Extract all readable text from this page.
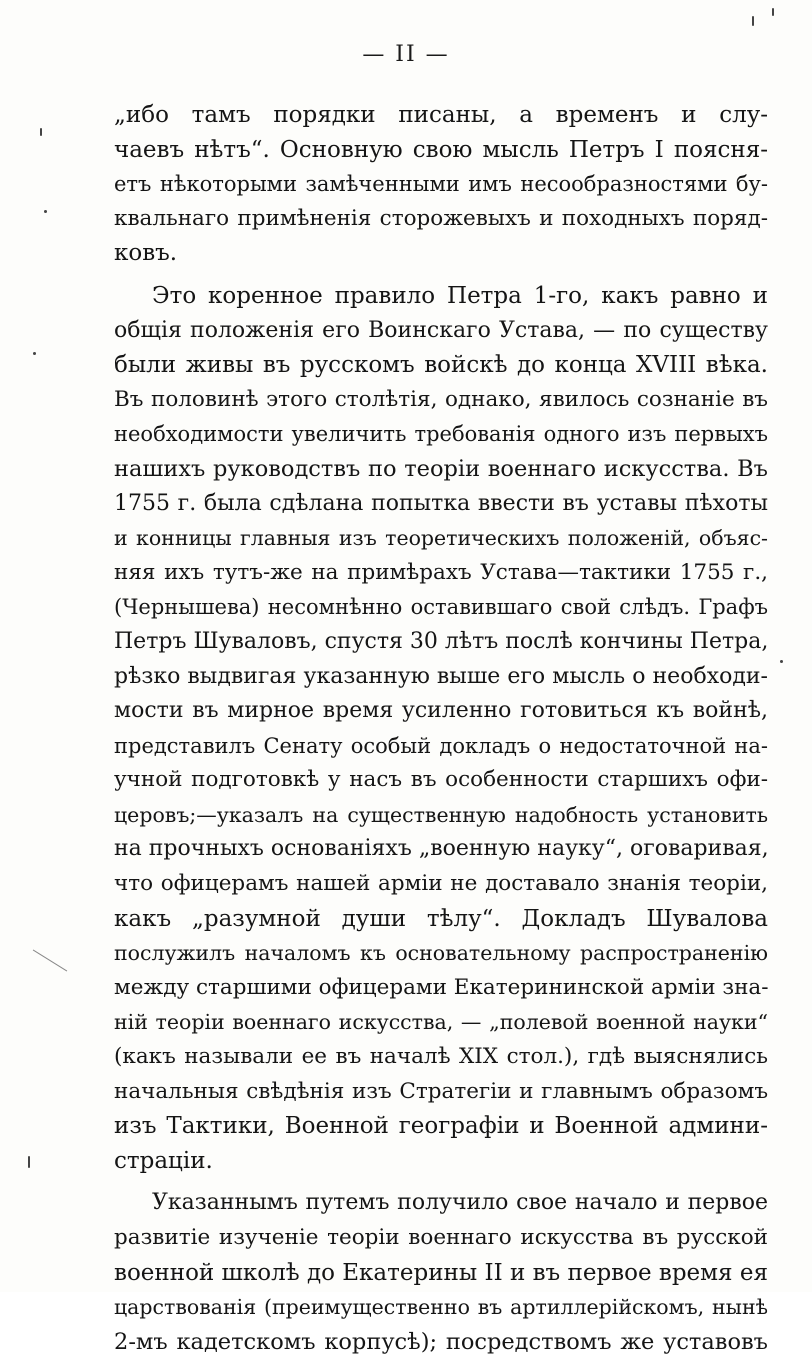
— II —
„ибо тамъ порядки писаны, а временъ и слу-
чаевъ нѣтъ“. Основную свою мысль Петръ I поясня-
етъ нѣкоторыми замѣченными имъ несообразностями бу-
квальнаго примѣненія сторожевыхъ и походныхъ поряд-
ковъ.
Это коренное правило Петра 1-го, какъ равно и
общія положенія его Воинскаго Устава, — по существу
были живы въ русскомъ войскѣ до конца XVIII вѣка.
Въ половинѣ этого столѣтія, однако, явилось сознаніе въ
необходимости увеличить требованія одного изъ первыхъ
нашихъ руководствъ по теоріи военнаго искусства. Въ
1755 г. была сдѣлана попытка ввести въ уставы пѣхоты
и конницы главныя изъ теоретическихъ положеній, объяс-
няя ихъ тутъ-же на примѣрахъ Устава—тактики 1755 г.,
(Чернышева) несомнѣнно оставившаго свой слѣдъ. Графъ
Петръ Шуваловъ, спустя 30 лѣтъ послѣ кончины Петра,
рѣзко выдвигая указанную выше его мысль о необходи-
мости въ мирное время усиленно готовиться къ войнѣ,
представилъ Сенату особый докладъ о недостаточной на-
учной подготовкѣ у насъ въ особенности старшихъ офи-
церовъ;—указалъ на существенную надобность установить
на прочныхъ основаніяхъ „военную науку“, оговаривая,
что офицерамъ нашей арміи не доставало знанія теоріи,
какъ „разумной души тѣлу“. Докладъ Шувалова
послужилъ началомъ къ основательному распространенію
между старшими офицерами Екатерининской арміи зна-
ній теоріи военнаго искусства, — „полевой военной науки“
(какъ называли ее въ началѣ XIX стол.), гдѣ выяснялись
начальныя свѣдѣнія изъ Стратегіи и главнымъ образомъ
изъ Тактики, Военной географіи и Военной админи-
страціи.
Указаннымъ путемъ получило свое начало и первое
развитіе изученіе теоріи военнаго искусства въ русской
военной школѣ до Екатерины II и въ первое время ея
царствованія (преимущественно въ артиллерійскомъ, нынѣ
2-мъ кадетскомъ корпусѣ); посредствомъ же уставовъ
